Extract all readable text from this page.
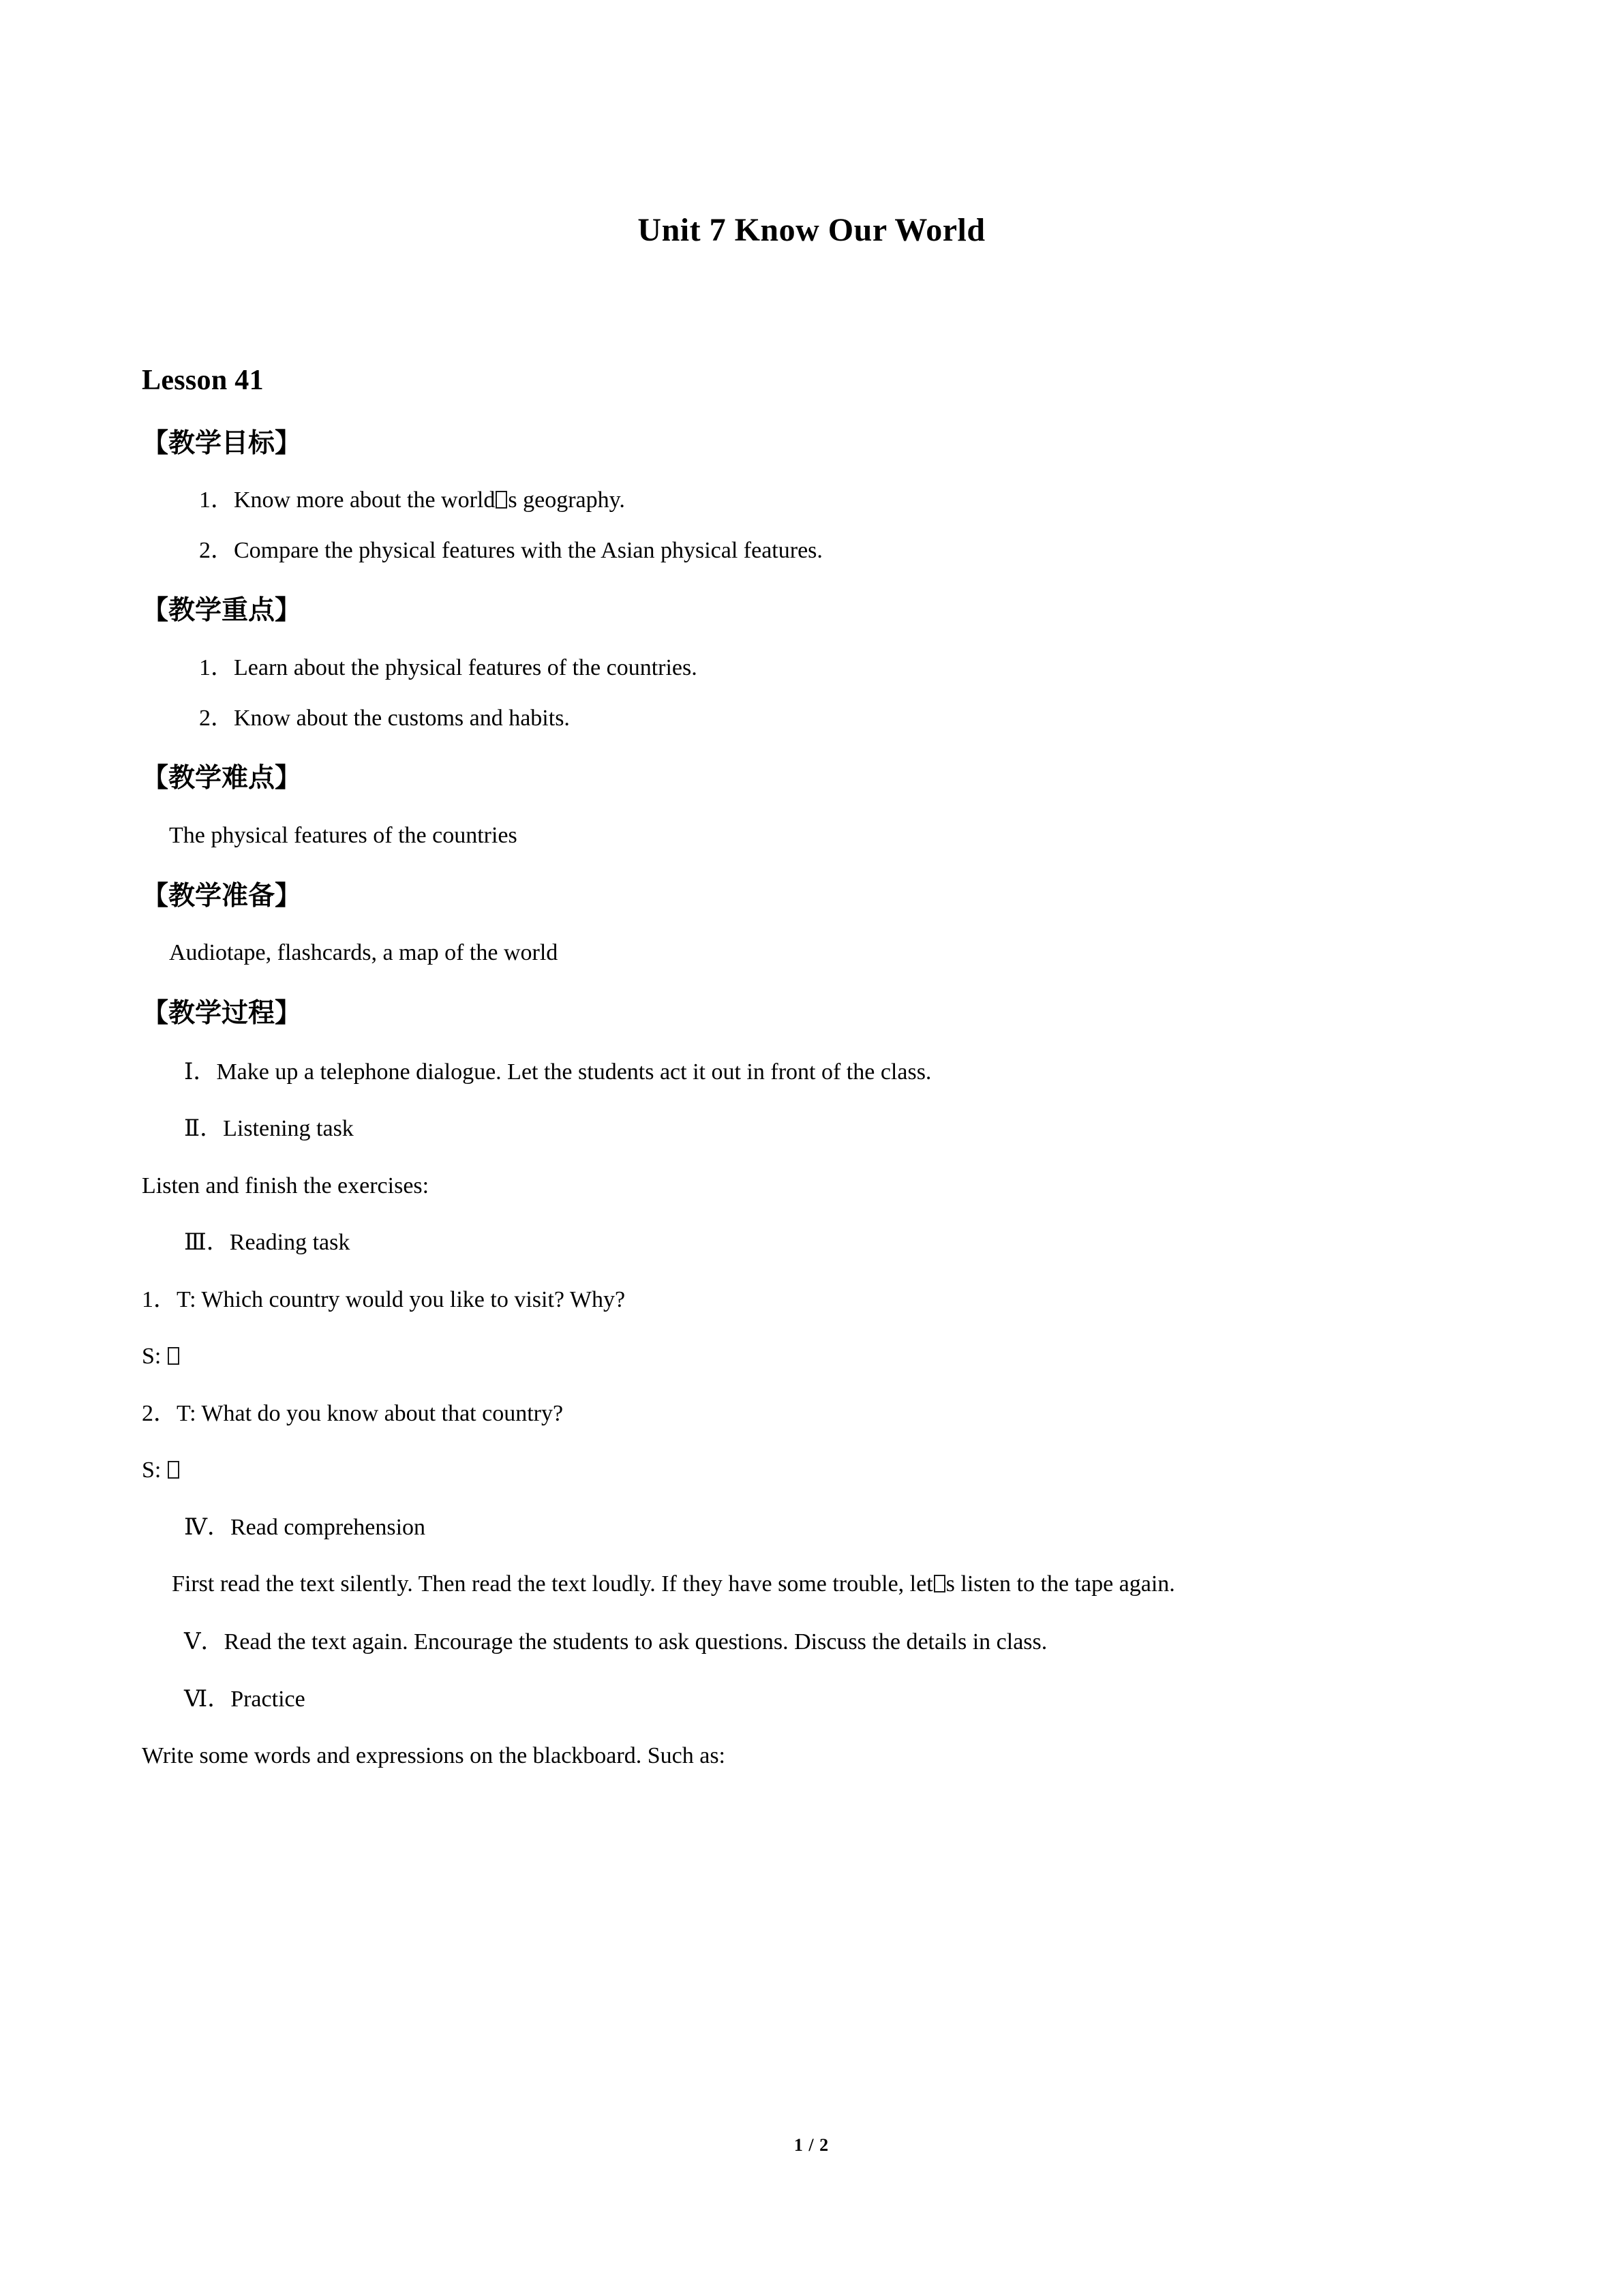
Unit 7 Know Our World
Lesson 41
【教学目标】

1．Know more about the world s geography.

2．Compare the physical features with the Asian physical features.

【教学重点】

1．Learn about the physical features of the countries.

2．Know about the customs and habits.

【教学难点】

The physical features of the countries

【教学准备】

Audiotape, flashcards, a map of the world

【教学过程】

Ⅰ．Make up a telephone dialogue. Let the students act it out in front of the class.

Ⅱ．Listening task

Listen and finish the exercises:

Ⅲ．Reading task

1．T: Which country would you like to visit? Why?

S:

2．T: What do you know about that country?

S:

Ⅳ．Read comprehension

First read the text silently. Then read the text loudly. If they have some trouble, let s listen to the tape again.

Ⅴ．Read the text again. Encourage the students to ask questions. Discuss the details in class.

Ⅵ．Practice

Write some words and expressions on the blackboard. Such as:

1 / 2
